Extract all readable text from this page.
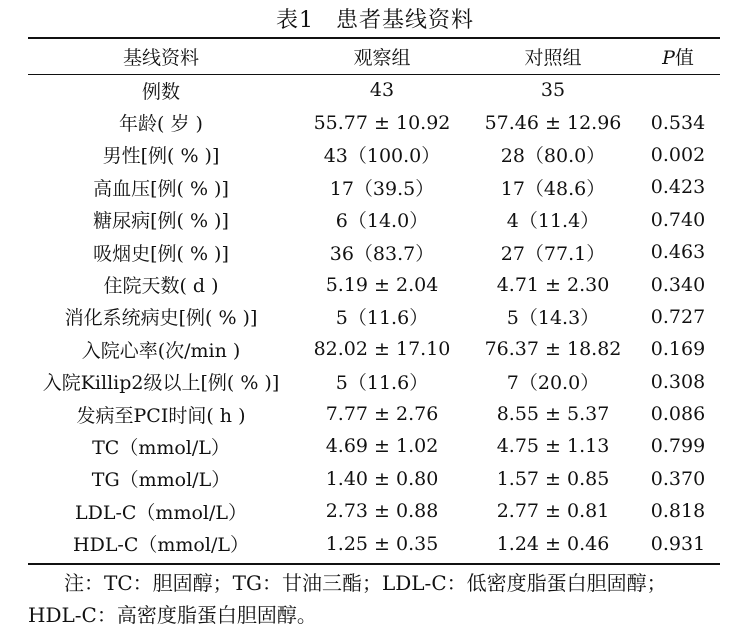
表1 患者基线资料
基线资料	观察组	对照组	P值
例数	43	35	
年龄( 岁 )	55.77 ± 10.92	57.46 ± 12.96	0.534
男性[例( % )]	43（100.0）	28（80.0）	0.002
高血压[例( % )]	17（39.5）	17（48.6）	0.423
糖尿病[例( % )]	6（14.0）	4（11.4）	0.740
吸烟史[例( % )]	36（83.7）	27（77.1）	0.463
住院天数( d )	5.19 ± 2.04	4.71 ± 2.30	0.340
消化系统病史[例( % )]	5（11.6）	5（14.3）	0.727
入院心率(次/min )	82.02 ± 17.10	76.37 ± 18.82	0.169
入院Killip2级以上[例( % )]	5（11.6）	7（20.0）	0.308
发病至PCI时间( h )	7.77 ± 2.76	8.55 ± 5.37	0.086
TC（mmol/L）	4.69 ± 1.02	4.75 ± 1.13	0.799
TG（mmol/L）	1.40 ± 0.80	1.57 ± 0.85	0.370
LDL-C（mmol/L）	2.73 ± 0.88	2.77 ± 0.81	0.818
HDL-C（mmol/L）	1.25 ± 0.35	1.24 ± 0.46	0.931
注：TC：胆固醇；TG：甘油三酯；LDL-C：低密度脂蛋白胆固醇；HDL-C：高密度脂蛋白胆固醇。
